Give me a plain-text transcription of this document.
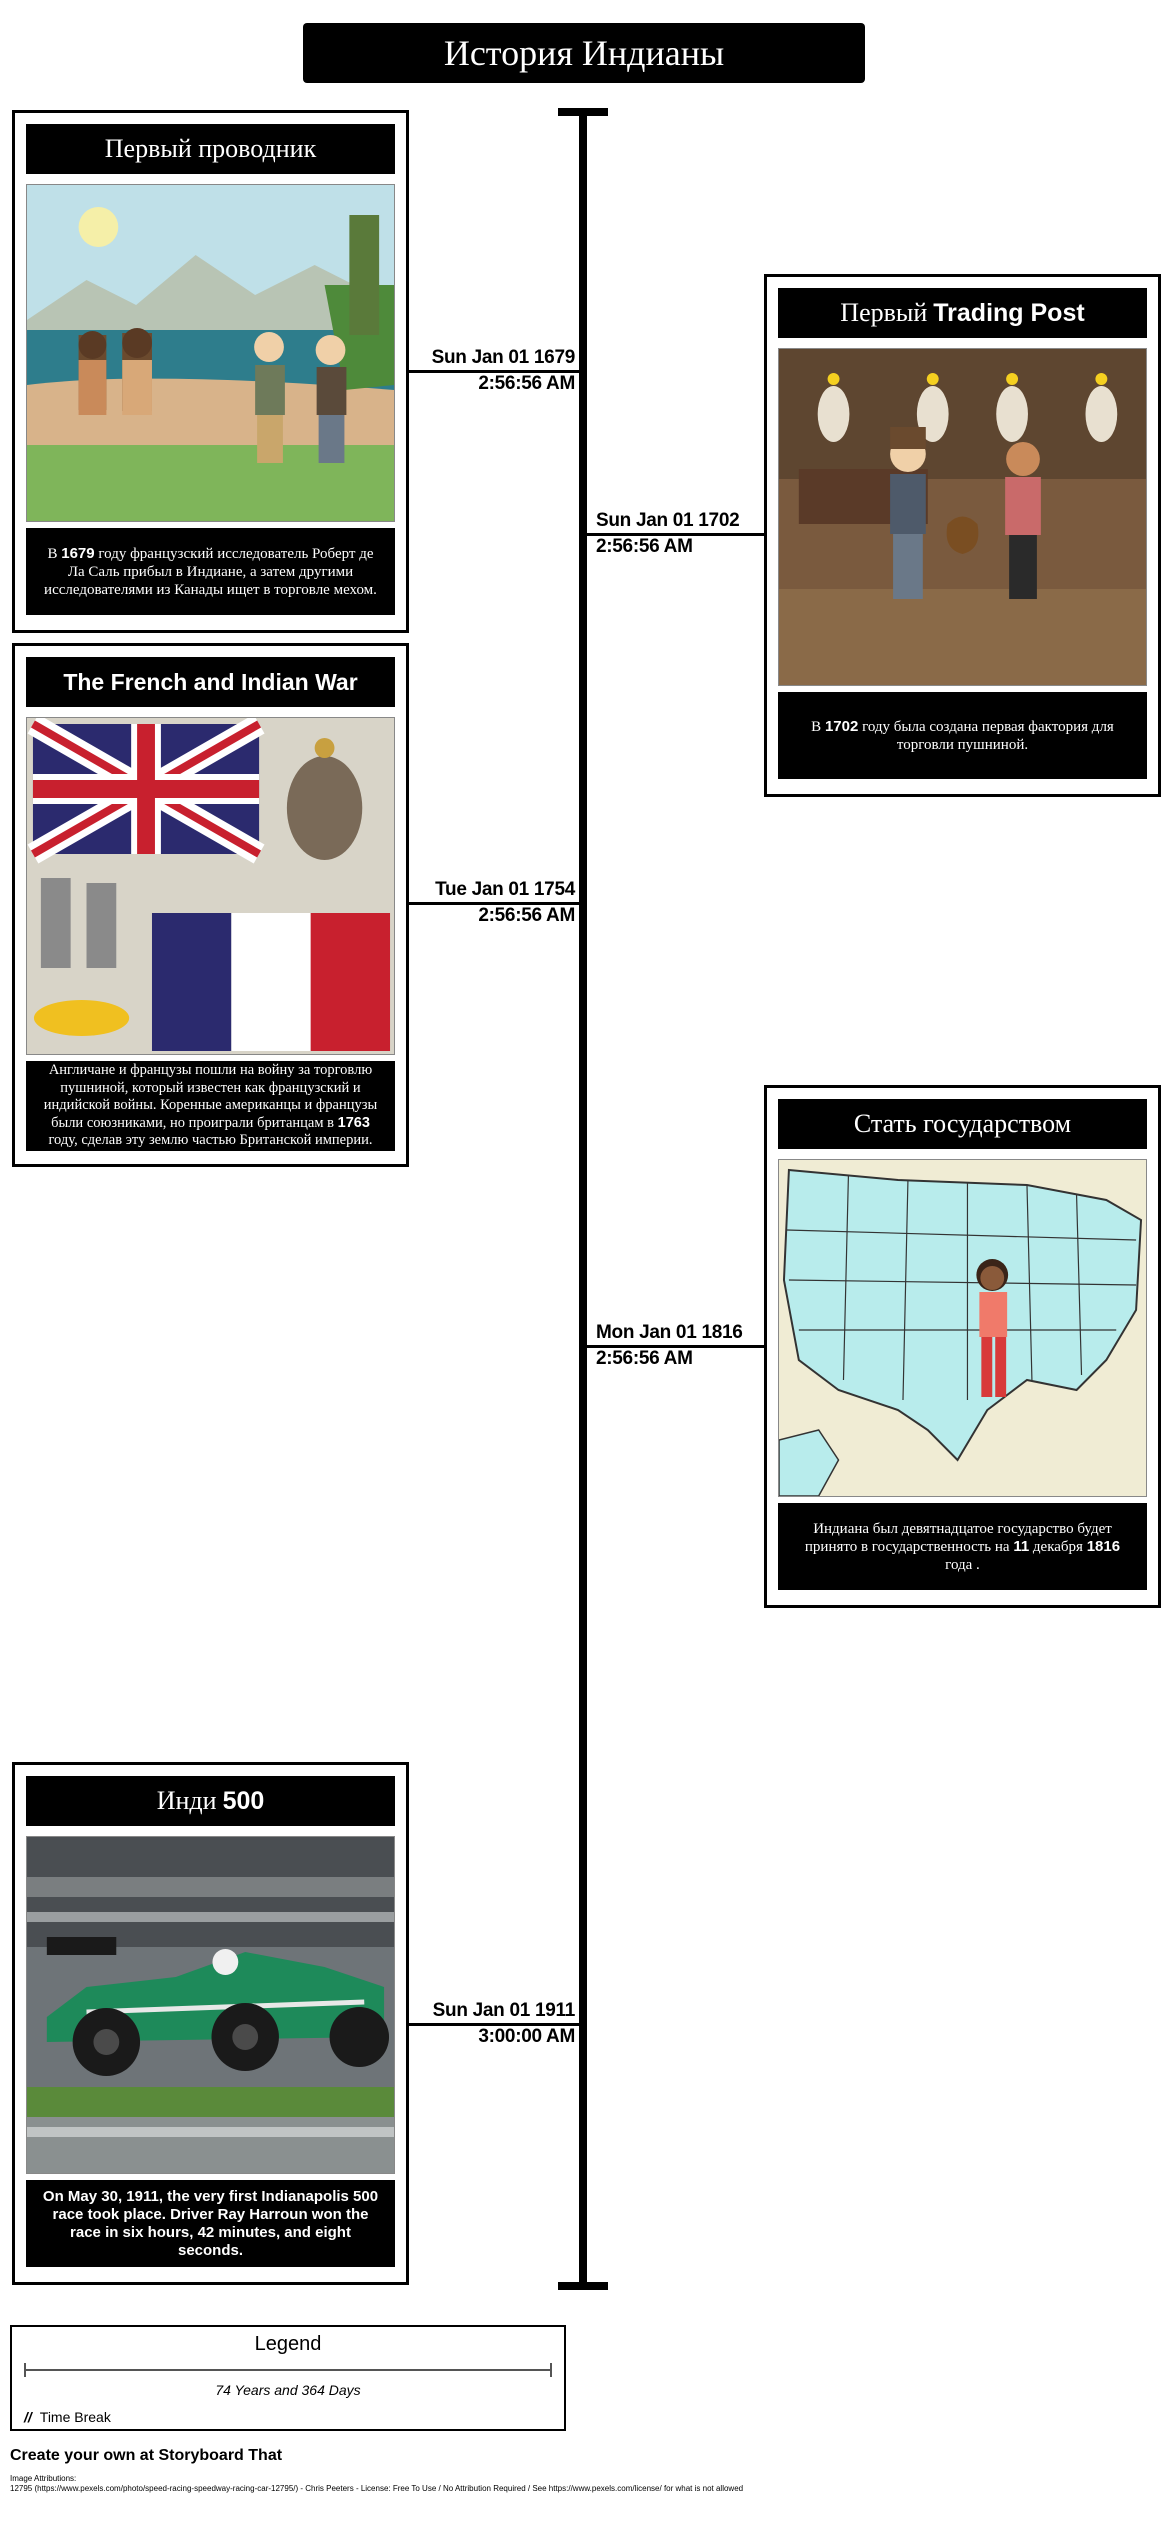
История Индианы
Первый проводник
В 1679 году французский исследователь Роберт де Ла Саль прибыл в Индиане, а затем другими исследователями из Канады ищет в торговле мехом.
Sun Jan 01 1679
2:56:56 AM
Первый Trading Post
В 1702 году была создана первая фактория для торговли пушниной.
Sun Jan 01 1702
2:56:56 AM
The French and Indian War
Англичане и французы пошли на войну за торговлю пушниной, который известен как французский и индийской войны. Коренные американцы и французы были союзниками, но проиграли британцам в 1763 году, сделав эту землю частью Британской империи.
Tue Jan 01 1754
2:56:56 AM
Стать государством
Индиана был девятнадцатое государство будет принято в государственность на 11 декабря 1816 года .
Mon Jan 01 1816
2:56:56 AM
Инди 500
On May 30, 1911, the very first Indianapolis 500 race took place. Driver Ray Harroun won the race in six hours, 42 minutes, and eight seconds.
Sun Jan 01 1911
3:00:00 AM
Legend
74 Years and 364 Days
// Time Break
Create your own at Storyboard That
Image Attributions:
12795 (https://www.pexels.com/photo/speed-racing-speedway-racing-car-12795/) - Chris Peeters - License: Free To Use / No Attribution Required / See https://www.pexels.com/license/ for what is not allowed
